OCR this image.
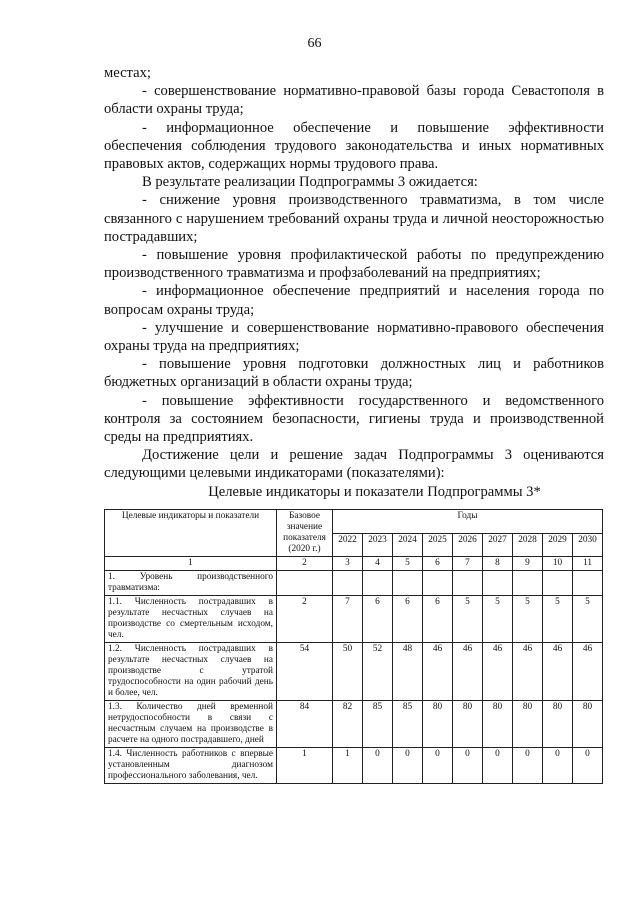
66

местах;

- совершенствование нормативно-правовой базы города Севастополя в области охраны труда;

- информационное обеспечение и повышение эффективности обеспечения соблюдения трудового законодательства и иных нормативных правовых актов, содержащих нормы трудового права.

В результате реализации Подпрограммы 3 ожидается:

- снижение уровня производственного травматизма, в том числе связанного с нарушением требований охраны труда и личной неосторожностью пострадавших;

- повышение уровня профилактической работы по предупреждению производственного травматизма и профзаболеваний на предприятиях;

- информационное обеспечение предприятий и населения города по вопросам охраны труда;

- улучшение и совершенствование нормативно-правового обеспечения охраны труда на предприятиях;

- повышение уровня подготовки должностных лиц и работников бюджетных организаций в области охраны труда;

- повышение эффективности государственного и ведомственного контроля за состоянием безопасности, гигиены труда и производственной среды на предприятиях.

Достижение цели и решение задач Подпрограммы 3 оцениваются следующими целевыми индикаторами (показателями):

Целевые индикаторы и показатели Подпрограммы 3*
Целевые индикаторы и показатели	Базовое значение показателя (2020 г.)	Годы								
		2022	2023	2024	2025	2026	2027	2028	2029	2030
1	2	3	4	5	6	7	8	9	10	11
1. Уровень производственного травматизма:										
1.1. Численность пострадавших в результате несчастных случаев на производстве со смертельным исходом, чел.	2	7	6	6	6	5	5	5	5	5
1.2. Численность пострадавших в результате несчастных случаев на производстве с утратой трудоспособности на один рабочий день и более, чел.	54	50	52	48	46	46	46	46	46	46
1.3. Количество дней временной нетрудоспособности в связи с несчастным случаем на производстве в расчете на одного пострадавшего, дней	84	82	85	85	80	80	80	80	80	80
1.4. Численность работников с впервые установленным диагнозом профессионального заболевания, чел.	1	1	0	0	0	0	0	0	0	0
